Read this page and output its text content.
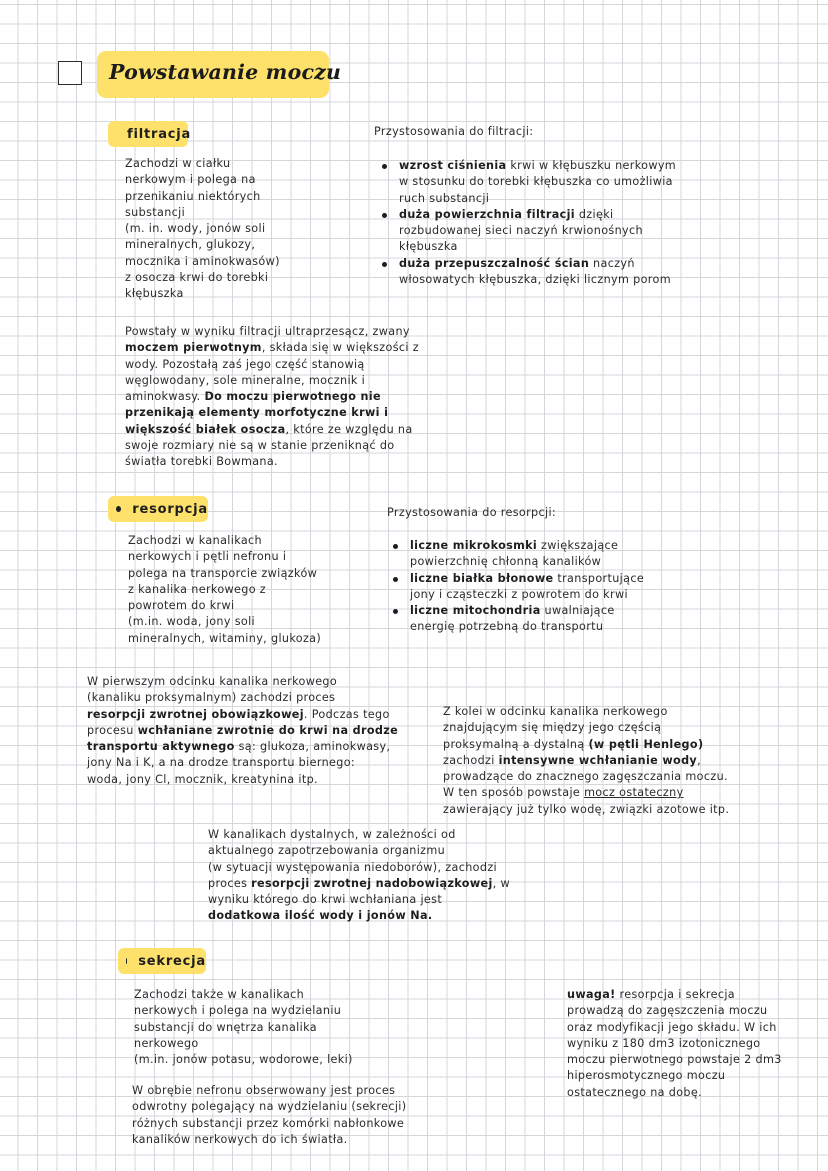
Powstawanie moczu
filtracja

Zachodzi w ciałku
nerkowym i polega na
przenikaniu niektórych
substancji
(m. in. wody, jonów soli
mineralnych, glukozy,
mocznika i aminokwasów)
z osocza krwi do torebki
kłębuszka

Przystosowania do filtracji:

wzrost ciśnienia krwi w kłębuszku nerkowym
w stosunku do torebki kłębuszka co umożliwia
ruch substancji
duża powierzchnia filtracji dzięki
rozbudowanej sieci naczyń krwionośnych
kłębuszka
duża przepuszczalność ścian naczyń
włosowatych kłębuszka, dzięki licznym porom

Powstały w wyniku filtracji ultraprzesącz, zwany
moczem pierwotnym, składa się w większości z
wody. Pozostałą zaś jego część stanowią
węglowodany, sole mineralne, mocznik i
aminokwasy. Do moczu pierwotnego nie
przenikają elementy morfotyczne krwi i
większość białek osocza, które ze względu na
swoje rozmiary nie są w stanie przeniknąć do
światła torebki Bowmana.

resorpcja

Zachodzi w kanalikach
nerkowych i pętli nefronu i
polega na transporcie związków
z kanalika nerkowego z
powrotem do krwi
(m.in. woda, jony soli
mineralnych, witaminy, glukoza)

Przystosowania do resorpcji:

liczne mikrokosmki zwiększające
powierzchnię chłonną kanalików
liczne białka błonowe transportujące
jony i cząsteczki z powrotem do krwi
liczne mitochondria uwalniające
energię potrzebną do transportu

W pierwszym odcinku kanalika nerkowego
(kanaliku proksymalnym) zachodzi proces
resorpcji zwrotnej obowiązkowej. Podczas tego
procesu wchłaniane zwrotnie do krwi na drodze
transportu aktywnego są: glukoza, aminokwasy,
jony Na i K, a na drodze transportu biernego:
woda, jony Cl, mocznik, kreatynina itp.

Z kolei w odcinku kanalika nerkowego
znajdującym się między jego częścią
proksymalną a dystalną (w pętli Henlego)
zachodzi intensywne wchłanianie wody,
prowadzące do znacznego zagęszczania moczu.
W ten sposób powstaje mocz ostateczny
zawierający już tylko wodę, związki azotowe itp.

W kanalikach dystalnych, w zależności od
aktualnego zapotrzebowania organizmu
(w sytuacji występowania niedoborów), zachodzi
proces resorpcji zwrotnej nadobowiązkowej, w
wyniku którego do krwi wchłaniana jest
dodatkowa ilość wody i jonów Na.

sekrecja

Zachodzi także w kanalikach
nerkowych i polega na wydzielaniu
substancji do wnętrza kanalika
nerkowego
(m.in. jonów potasu, wodorowe, leki)

W obrębie nefronu obserwowany jest proces
odwrotny polegający na wydzielaniu (sekrecji)
różnych substancji przez komórki nabłonkowe
kanalików nerkowych do ich światła.

uwaga! resorpcja i sekrecja
prowadzą do zagęszczenia moczu
oraz modyfikacji jego składu. W ich
wyniku z 180 dm3 izotonicznego
moczu pierwotnego powstaje 2 dm3
hiperosmotycznego moczu
ostatecznego na dobę.
